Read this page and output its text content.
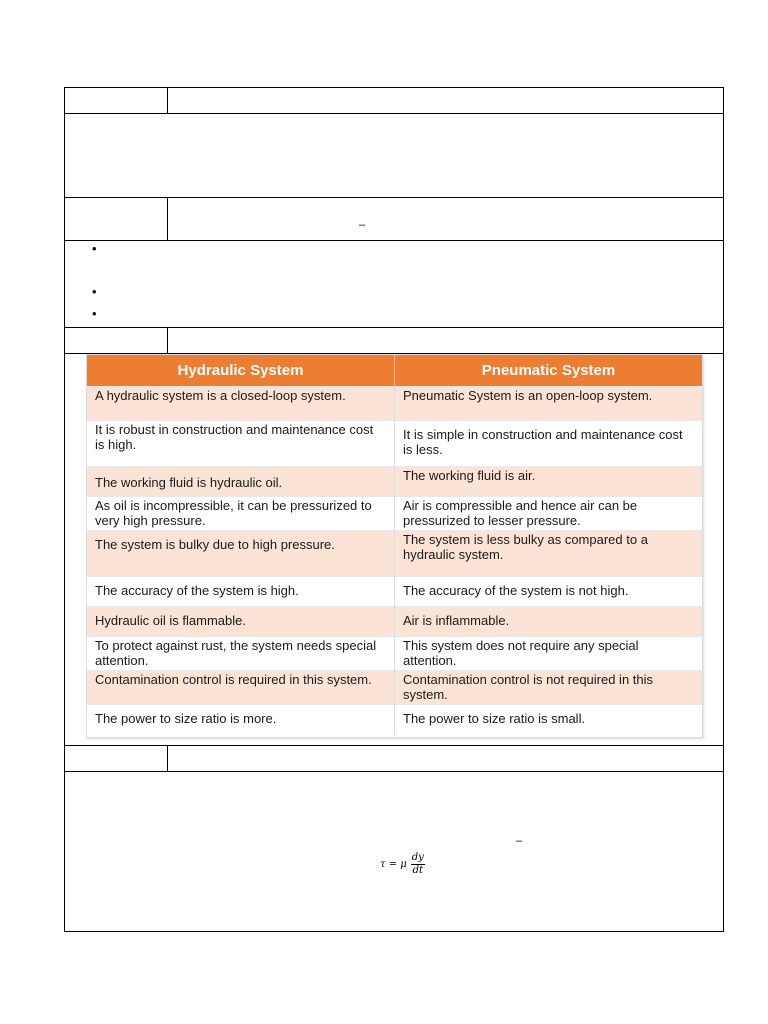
–
–
•
•
•
Hydraulic System	Pneumatic System
A hydraulic system is a closed-loop system.	Pneumatic System is an open-loop system.
It is robust in construction and maintenance cost is high.	It is simple in construction and maintenance cost is less.
The working fluid is hydraulic oil.	The working fluid is air.
As oil is incompressible, it can be pressurized to very high pressure.	Air is compressible and hence air can be pressurized to lesser pressure.
The system is bulky due to high pressure.	The system is less bulky as compared to a hydraulic system.
The accuracy of the system is high.	The accuracy of the system is not high.
Hydraulic oil is flammable.	Air is inflammable.
To protect against rust, the system needs special attention.	This system does not require any special attention.
Contamination control is required in this system.	Contamination control is not required in this system.
The power to size ratio is more.	The power to size ratio is small.
τ = μ $\frac{dy}{dt}$
